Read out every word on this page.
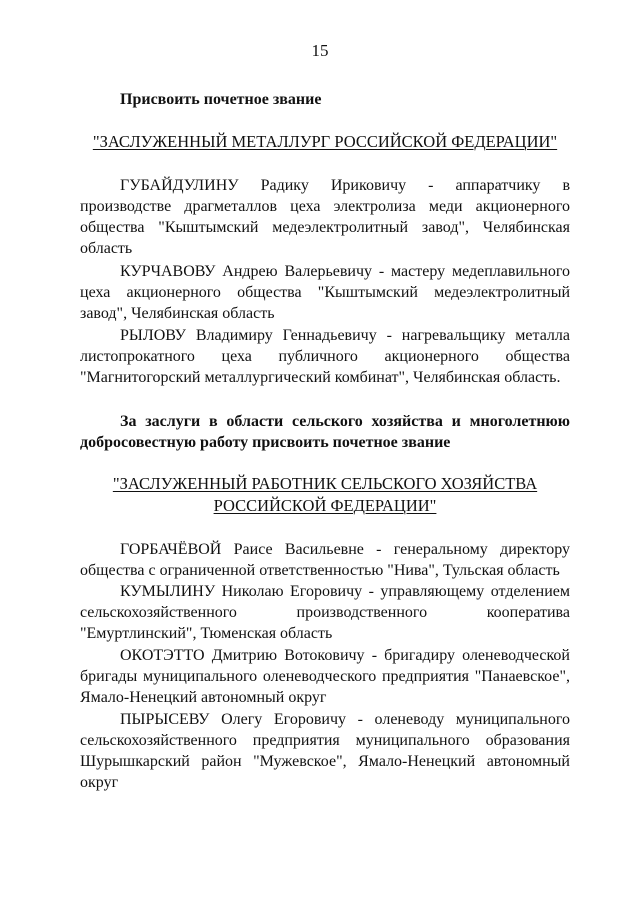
15
Присвоить почетное звание
"ЗАСЛУЖЕННЫЙ МЕТАЛЛУРГ РОССИЙСКОЙ ФЕДЕРАЦИИ"
ГУБАЙДУЛИНУ Радику Ириковичу - аппаратчику в производстве драгметаллов цеха электролиза меди акционерного общества "Кыштымский медеэлектролитный завод", Челябинская область
КУРЧАВОВУ Андрею Валерьевичу - мастеру медеплавильного цеха акционерного общества "Кыштымский медеэлектролитный завод", Челябинская область
РЫЛОВУ Владимиру Геннадьевичу - нагревальщику металла листопрокатного цеха публичного акционерного общества "Магнитогорский металлургический комбинат", Челябинская область.
За заслуги в области сельского хозяйства и многолетнюю добросовестную работу присвоить почетное звание
"ЗАСЛУЖЕННЫЙ РАБОТНИК СЕЛЬСКОГО ХОЗЯЙСТВА
РОССИЙСКОЙ ФЕДЕРАЦИИ"
ГОРБАЧЁВОЙ Раисе Васильевне - генеральному директору общества с ограниченной ответственностью "Нива", Тульская область
КУМЫЛИНУ Николаю Егоровичу - управляющему отделением сельскохозяйственного производственного кооператива "Емуртлинский", Тюменская область
ОКОТЭТТО Дмитрию Вотоковичу - бригадиру оленеводческой бригады муниципального оленеводческого предприятия "Панаевское", Ямало-Ненецкий автономный округ
ПЫРЫСЕВУ Олегу Егоровичу - оленеводу муниципального сельскохозяйственного предприятия муниципального образования Шурышкарский район "Мужевское", Ямало-Ненецкий автономный округ
